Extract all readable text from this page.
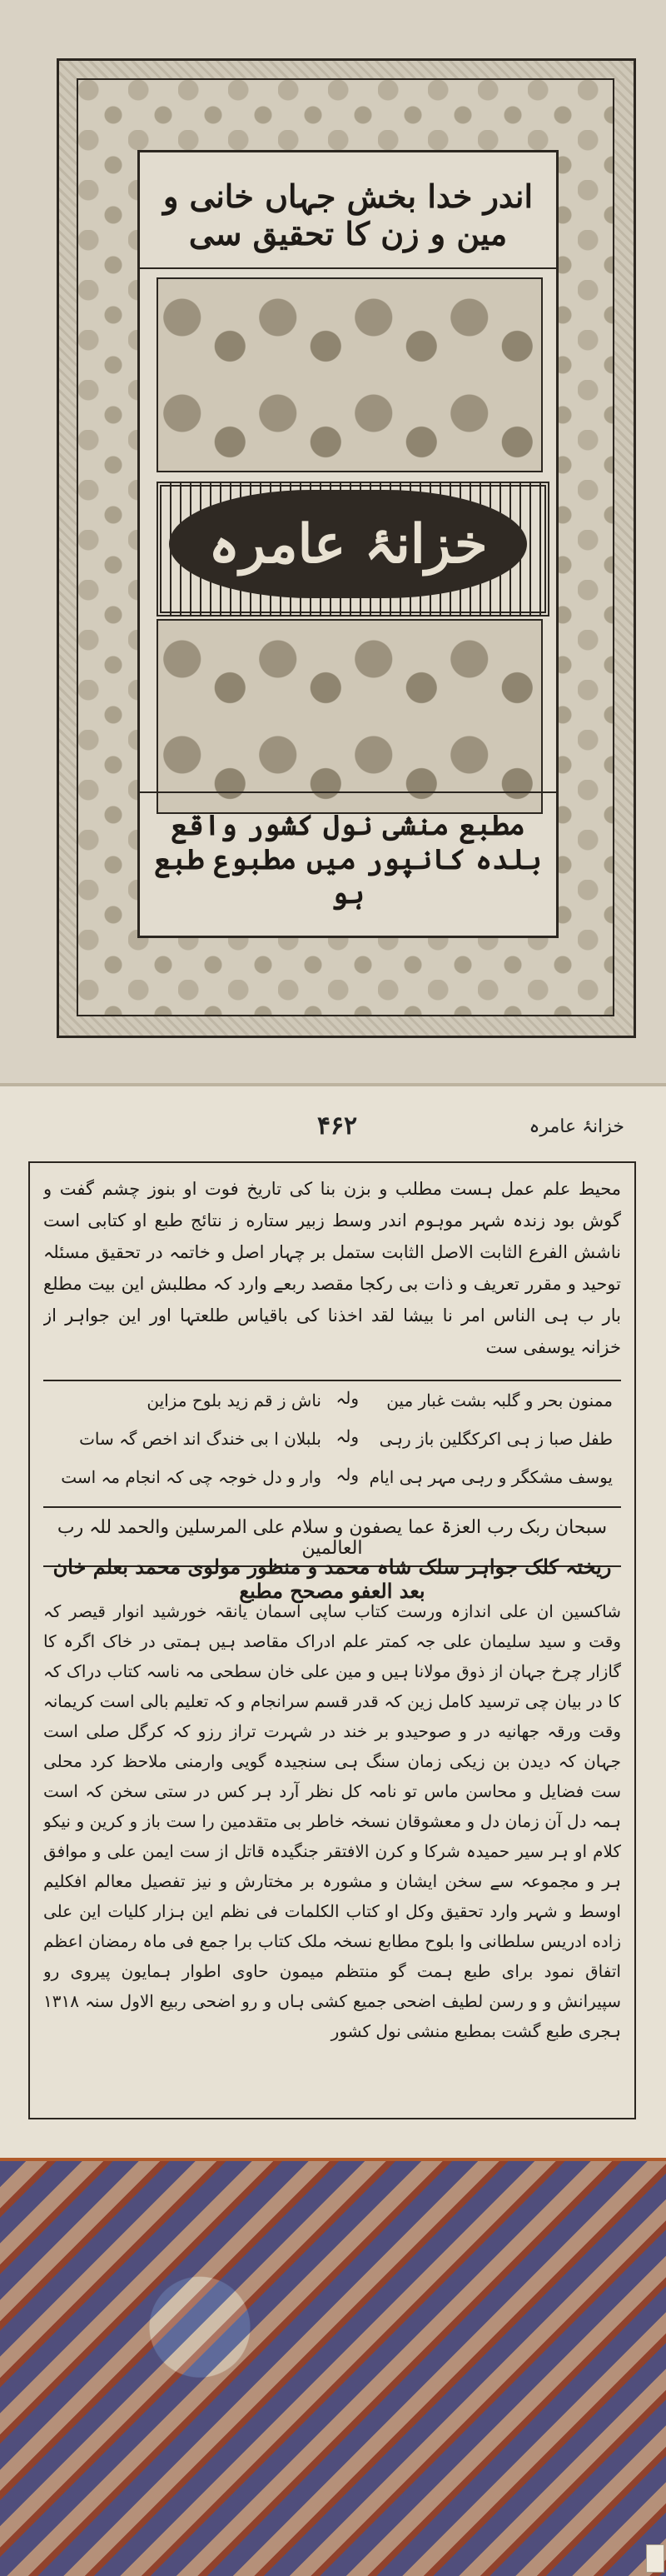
اندر خدا بخش جہاں خانی و مین و زن کا تحقیق سی
خزانۂ عامرہ
مطبع منشی نول کشور واقع بلده کانپور میں مطبوع طبع ہو
خزانۂ عامرہ
۴۶۲
محیط علم عمل ہست مطلب و بزن بنا کی تاریخ فوت او بنوز چشم گفت و گوش بود زندہ شہر موہوم اندر وسط زبیر ستاره ز نتائج طبع او کتابی است ناشش الفرع الثابت الاصل الثابت ستمل بر چہار اصل و خاتمہ در تحقیق مسئلہ توحید و مقرر تعریف و ذات بی رکجا مقصد ربعے وارد کہ مطلبش این بیت مطلع بار ب ہی الناس امر نا بیشا لقد اخذنا کی باقیاس طلعتہا اور این جواہر از خزانہ یوسفی ست
ممنون بحر و گلبہ بشت غبار مین
طفل صبا ز ہی اکرکگلین باز رہی
یوسف مشکگر و رہی مہر ہی ایام
ولہ
ولہ
ولہ
ناش ز قم زید بلوح مزاین
بلبلان ا بی خندگ اند اخص گہ سات
وار و دل خوجہ چی کہ انجام مہ است
سبحان ربک رب العزۃ عما یصفون و سلام علی المرسلین والحمد للہ رب العالمین
ریختہ کلک جواہر سلک شاہ محمد و منظور مولوی محمد بعلم خان بعد العفو مصحح مطبع
شاکسین ان علی اندازہ ورست کتاب ساپی اسمان یانقہ خورشید انوار قیصر کہ وقت و سید سلیمان علی جہ کمتر علم ادراک مقاصد ہیں ہمتی در خاک اگرہ کا گازار چرخ جہان از ذوق مولانا ہیں و مین علی خان سطحی مہ ناسہ کتاب دراک کہ کا در بیان چی ترسید کامل زین کہ قدر قسم سرانجام و کہ تعلیم بالی است کریمانہ وقت ورقہ جهانیه در و صوحیدو بر خند در شہرت تراز رزو کہ کرگل صلی است جہان کہ دیدن بن زیکی زمان سنگ ہی سنجیدہ گویی وارمنی ملاحظ کرد محلی ست فضایل و محاسن ماس تو نامہ کل نظر آرد ہر کس در ستی سخن کہ است ہمہ دل آن زمان دل و معشوقان نسخہ خاطر بی متقدمین را ست باز و کرین و نیکو کلام او ہر سیر حمیدہ شرکا و کرن الافتقر جنگیدہ قاتل از ست ایمن علی و موافق ہر و مجموعہ سے سخن ایشان و مشورہ بر مختارش و نیز تفصیل معالم افکلیم اوسط و شہر وارد تحقیق وکل او کتاب الکلمات فی نظم این ہزار کلیات این علی زاده ادریس سلطانی وا بلوح مطابع نسخہ ملک کتاب برا جمع فی ماہ رمضان اعظم اتفاق نمود برای طبع ہمت گو منتظم میمون حاوی اطوار ہمایون پیروی رو سپیرانش و و رسن لطیف اضحی جمیع کشی ہاں و رو اضحی ربیع الاول سنہ ۱۳۱۸ ہجری طبع گشت بمطبع منشی نول کشور
